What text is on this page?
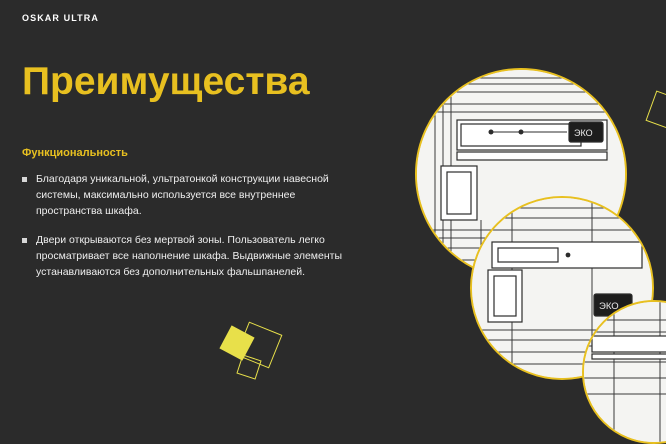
OSKAR ULTRA
Преимущества
Функциональность
Благодаря уникальной, ультратонкой конструкции навесной системы, максимально используется все внутреннее пространства шкафа.
Двери открываются без мертвой зоны. Пользователь легко просматривает все наполнение шкафа. Выдвижные элементы устанавливаются без дополнительных фальшпанелей.
ЭКО
ЭКО
